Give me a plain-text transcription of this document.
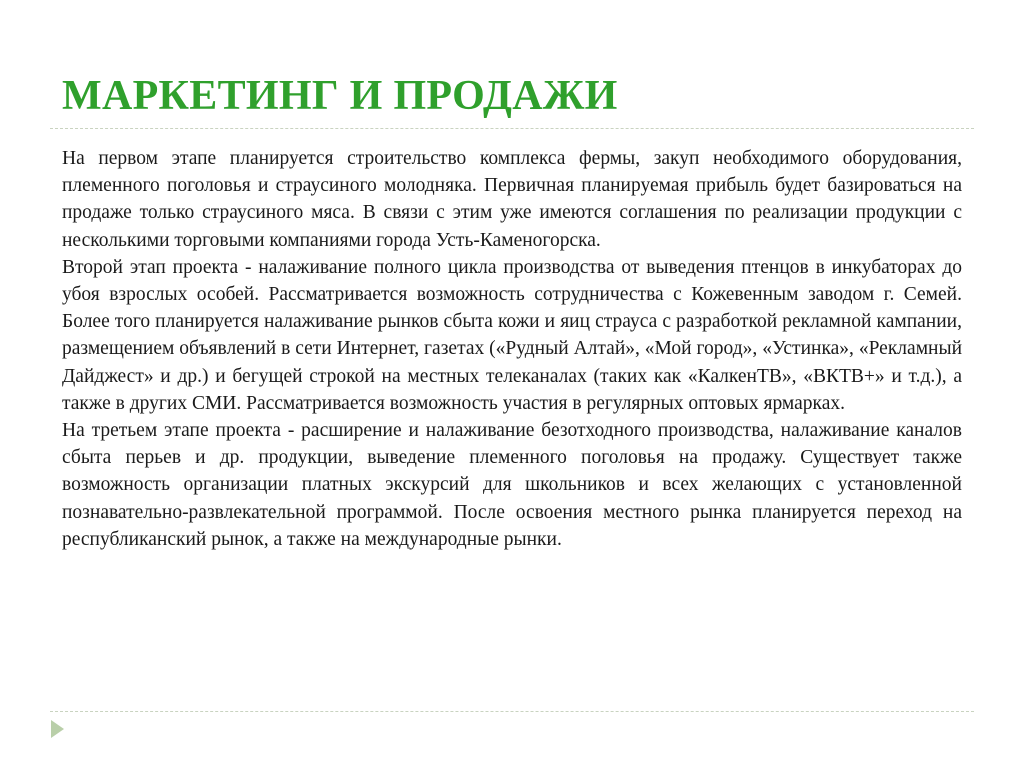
МАРКЕТИНГ И ПРОДАЖИ

На первом этапе планируется строительство комплекса фермы, закуп необходимого оборудования, племенного поголовья и страусиного молодняка. Первичная планируемая прибыль будет базироваться на продаже только страусиного мяса. В связи с этим уже имеются соглашения по реализации продукции с несколькими торговыми компаниями города Усть-Каменогорска.

Второй этап проекта - налаживание полного цикла производства от выведения птенцов в инкубаторах до убоя взрослых особей. Рассматривается возможность сотрудничества с Кожевенным заводом г. Семей. Более того планируется налаживание рынков сбыта кожи и яиц страуса с разработкой рекламной кампании, размещением объявлений в сети Интернет, газетах («Рудный Алтай», «Мой город», «Устинка», «Рекламный Дайджест» и др.) и бегущей строкой на местных телеканалах (таких как «КалкенТВ», «ВКТВ+» и т.д.), а также в других СМИ. Рассматривается возможность участия в регулярных оптовых ярмарках.

На третьем этапе проекта - расширение и налаживание безотходного производства, налаживание каналов сбыта перьев и др. продукции, выведение племенного поголовья на продажу. Существует также возможность организации платных экскурсий для школьников и всех желающих с установленной познавательно-развлекательной программой. После освоения местного рынка планируется переход на республиканский рынок, а также на международные рынки.
